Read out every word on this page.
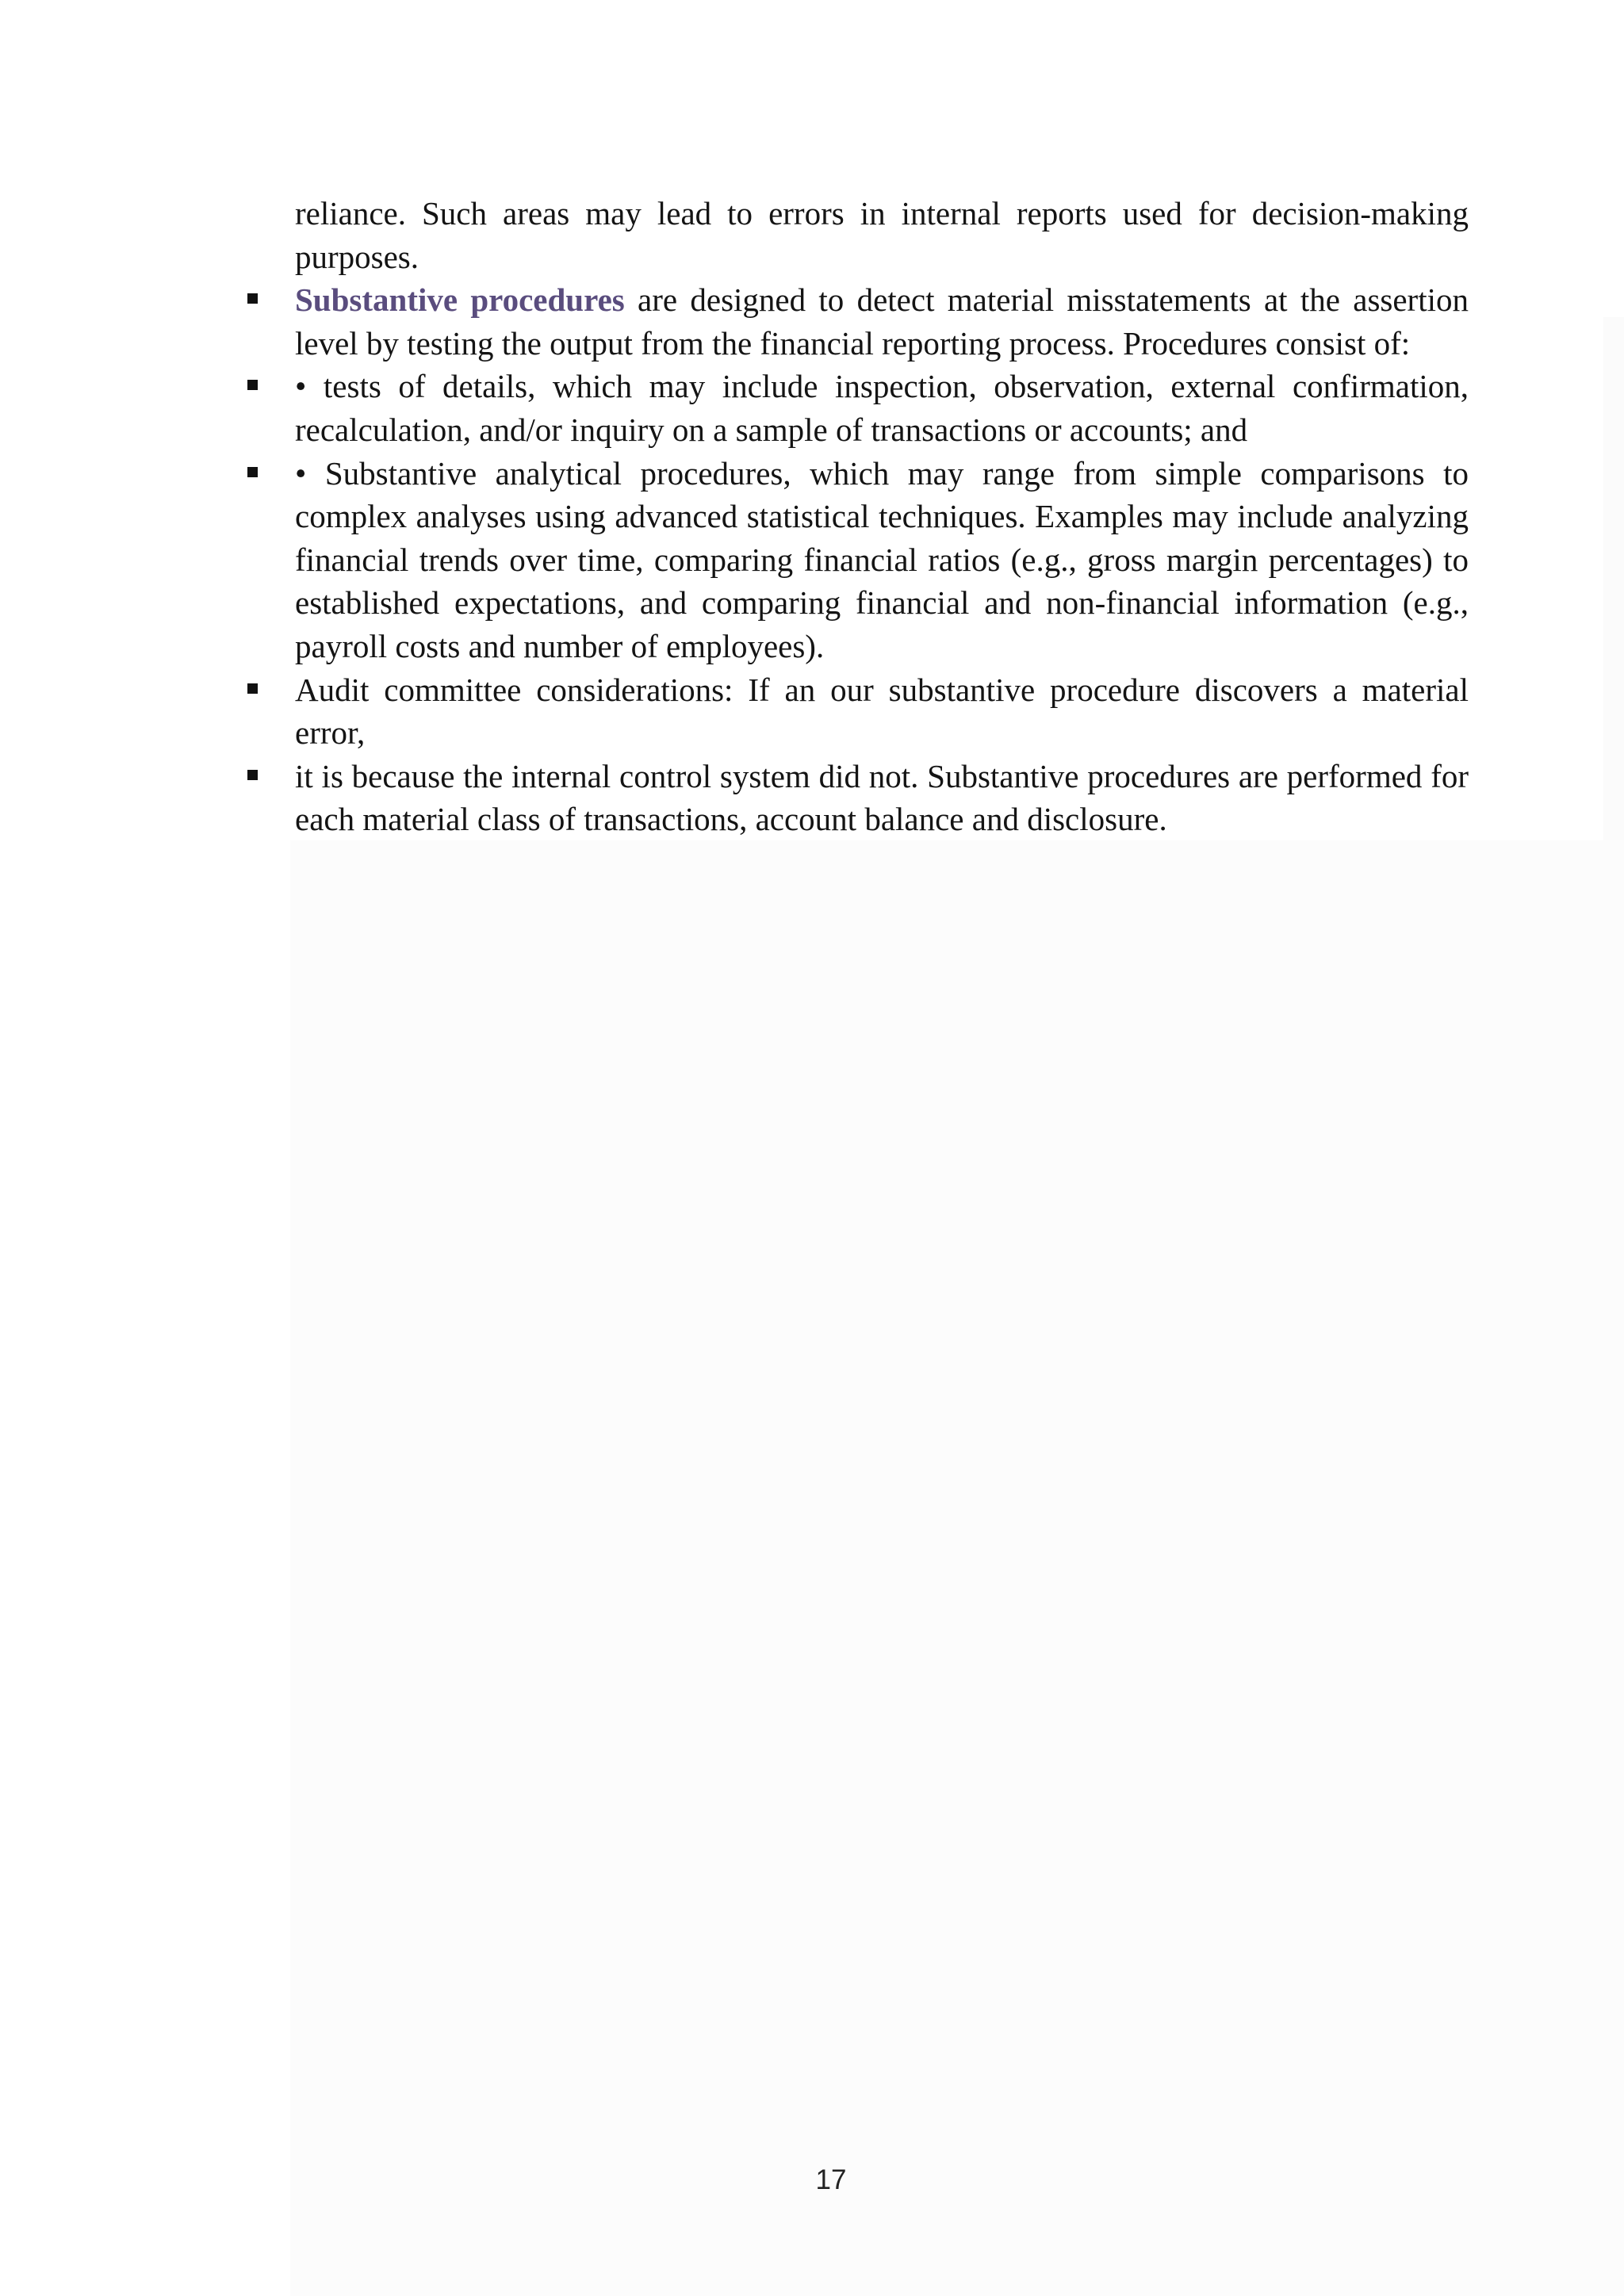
reliance. Such areas may lead to errors in internal reports used for decision-making purposes.

Substantive procedures are designed to detect material misstatements at the assertion level by testing the output from the financial reporting process. Procedures consist of:
• tests of details, which may include inspection, observation, external confirmation, recalculation, and/or inquiry on a sample of transactions or accounts; and
• Substantive analytical procedures, which may range from simple comparisons to complex analyses using advanced statistical techniques. Examples may include analyzing financial trends over time, comparing financial ratios (e.g., gross margin percentages) to established expectations, and comparing financial and non-financial information (e.g., payroll costs and number of employees).
Audit committee considerations: If an our substantive procedure discovers a material error,
it is because the internal control system did not. Substantive procedures are performed for each material class of transactions, account balance and disclosure.
17
